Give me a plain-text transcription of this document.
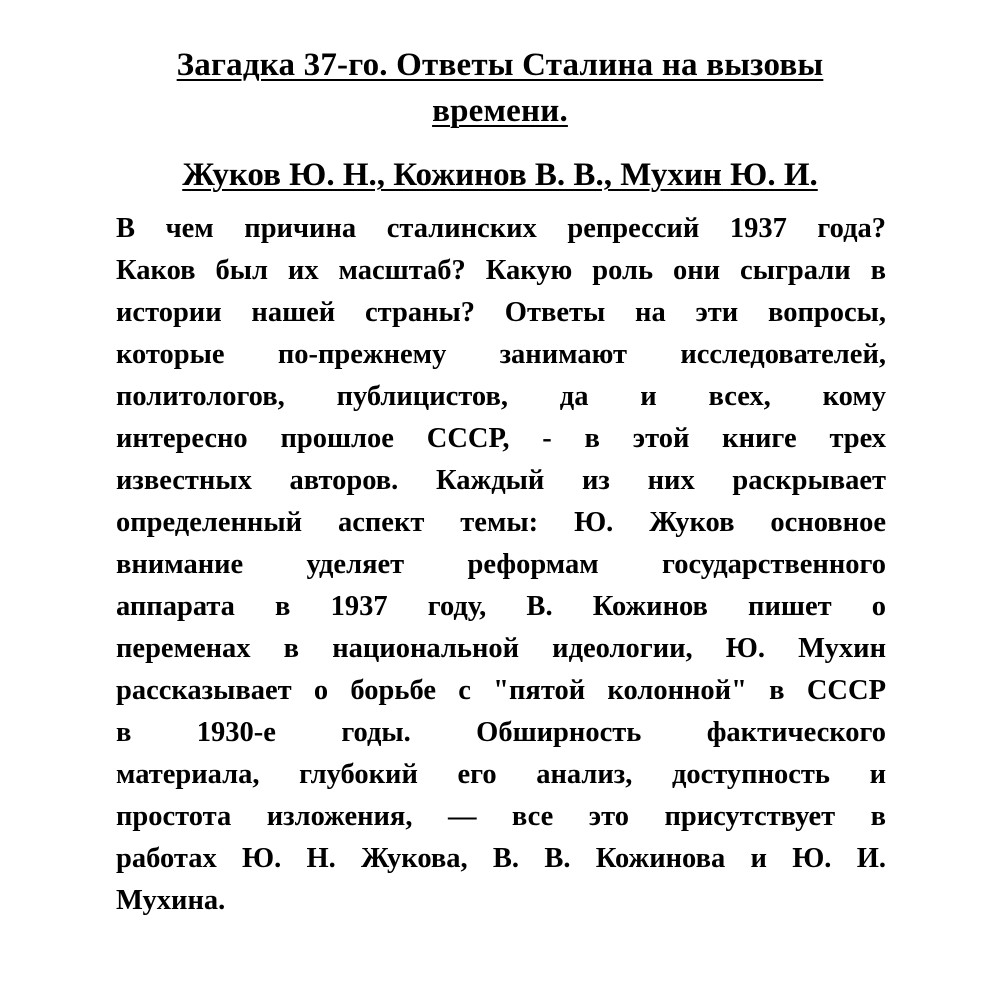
Загадка 37-го. Ответы Сталина на вызовы времени.
Жуков Ю. Н., Кожинов В. В., Мухин Ю. И.
В чем причина сталинских репрессий 1937 года?
Каков был их масштаб? Какую роль они сыграли в
истории нашей страны? Ответы на эти вопросы,
которые по-прежнему занимают исследователей,
политологов, публицистов, да и всех, кому
интересно прошлое СССР, - в этой книге трех
известных авторов. Каждый из них раскрывает
определенный аспект темы: Ю. Жуков основное
внимание уделяет реформам государственного
аппарата в 1937 году, В. Кожинов пишет о
переменах в национальной идеологии, Ю. Мухин
рассказывает о борьбе с "пятой колонной" в СССР
в 1930-е годы. Обширность фактического
материала, глубокий его анализ, доступность и
простота изложения, — все это присутствует в
работах Ю. Н. Жукова, В. В. Кожинова и Ю. И.
Мухина.
